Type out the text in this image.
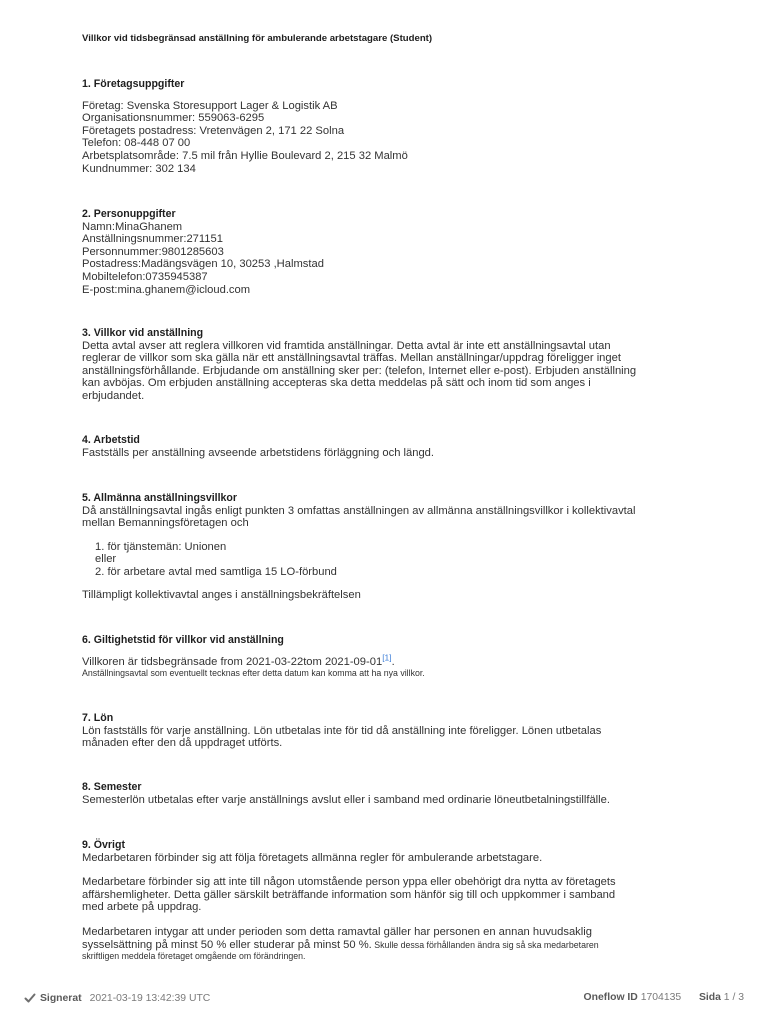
Villkor vid tidsbegränsad anställning för ambulerande arbetstagare (Student)
1. Företagsuppgifter
Företag: Svenska Storesupport Lager & Logistik AB
Organisationsnummer: 559063-6295
Företagets postadress: Vretenvägen 2, 171 22 Solna
Telefon: 08-448 07 00
Arbetsplatsområde: 7.5 mil från Hyllie Boulevard 2, 215 32 Malmö
Kundnummer: 302 134
2. Personuppgifter
Namn:MinaGhanem
Anställningsnummer:271151
Personnummer:9801285603
Postadress:Madängsvägen 10, 30253 ,Halmstad
Mobiltelefon:0735945387
E-post:mina.ghanem@icloud.com
3. Villkor vid anställning
Detta avtal avser att reglera villkoren vid framtida anställningar. Detta avtal är inte ett anställningsavtal utan
reglerar de villkor som ska gälla när ett anställningsavtal träffas. Mellan anställningar/uppdrag föreligger inget
anställningsförhållande. Erbjudande om anställning sker per: (telefon, Internet eller e-post). Erbjuden anställning
kan avböjas. Om erbjuden anställning accepteras ska detta meddelas på sätt och inom tid som anges i
erbjudandet.
4. Arbetstid
Fastställs per anställning avseende arbetstidens förläggning och längd.
5. Allmänna anställningsvillkor
Då anställningsavtal ingås enligt punkten 3 omfattas anställningen av allmänna anställningsvillkor i kollektivavtal
mellan Bemanningsföretagen och
1. för tjänstemän: Unionen
eller
2. för arbetare avtal med samtliga 15 LO-förbund
Tillämpligt kollektivavtal anges i anställningsbekräftelsen
6. Giltighetstid för villkor vid anställning
Villkoren är tidsbegränsade from 2021-03-22tom 2021-09-01[1].
Anställningsavtal som eventuellt tecknas efter detta datum kan komma att ha nya villkor.
7. Lön
Lön fastställs för varje anställning. Lön utbetalas inte för tid då anställning inte föreligger. Lönen utbetalas
månaden efter den då uppdraget utförts.
8. Semester
Semesterlön utbetalas efter varje anställnings avslut eller i samband med ordinarie löneutbetalningstillfälle.
9. Övrigt
Medarbetaren förbinder sig att följa företagets allmänna regler för ambulerande arbetstagare.
Medarbetare förbinder sig att inte till någon utomstående person yppa eller obehörigt dra nytta av företagets
affärshemligheter. Detta gäller särskilt beträffande information som hänför sig till och uppkommer i samband
med arbete på uppdrag.
Medarbetaren intygar att under perioden som detta ramavtal gäller har personen en annan huvudsaklig
sysselsättning på minst 50 % eller studerar på minst 50 %. Skulle dessa förhållanden ändra sig så ska medarbetaren
skriftligen meddela företaget omgående om förändringen.
Signerat 2021-03-19 13:42:39 UTC	Oneflow ID 1704135 Sida 1 / 3
